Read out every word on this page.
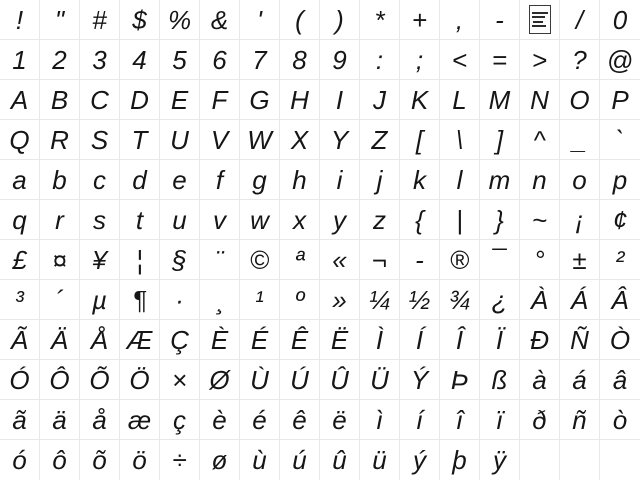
! " # $ % & ' ( ) * + , -	/ 0
1 2 3 4 5 6 7 8 9 : ; < = > ? @
A B C D E F G H I J K L M N O P
Q R S T U V W X Y Z [ \ ] ^ _ `
a b c d e f g h i j k l m n o p
q r s t u v w x y z { | } ~ ¡ ¢
£ ¤ ¥ ¦ § ¨ © ª « ¬ - ® ¯ ° ± ²
³ ´ µ ¶ · ¸ ¹ º » ¼ ½ ¾ ¿ À Á Â
Ã Ä Å Æ Ç È É Ê Ë Ì Í Î Ï Ð Ñ Ò
Ó Ô Õ Ö × Ø Ù Ú Û Ü Ý Þ ß à á â
ã ä å æ ç è é ê ë ì í î ï ð ñ ò
ó ô õ ö ÷ ø ù ú û ü ý þ ÿ
